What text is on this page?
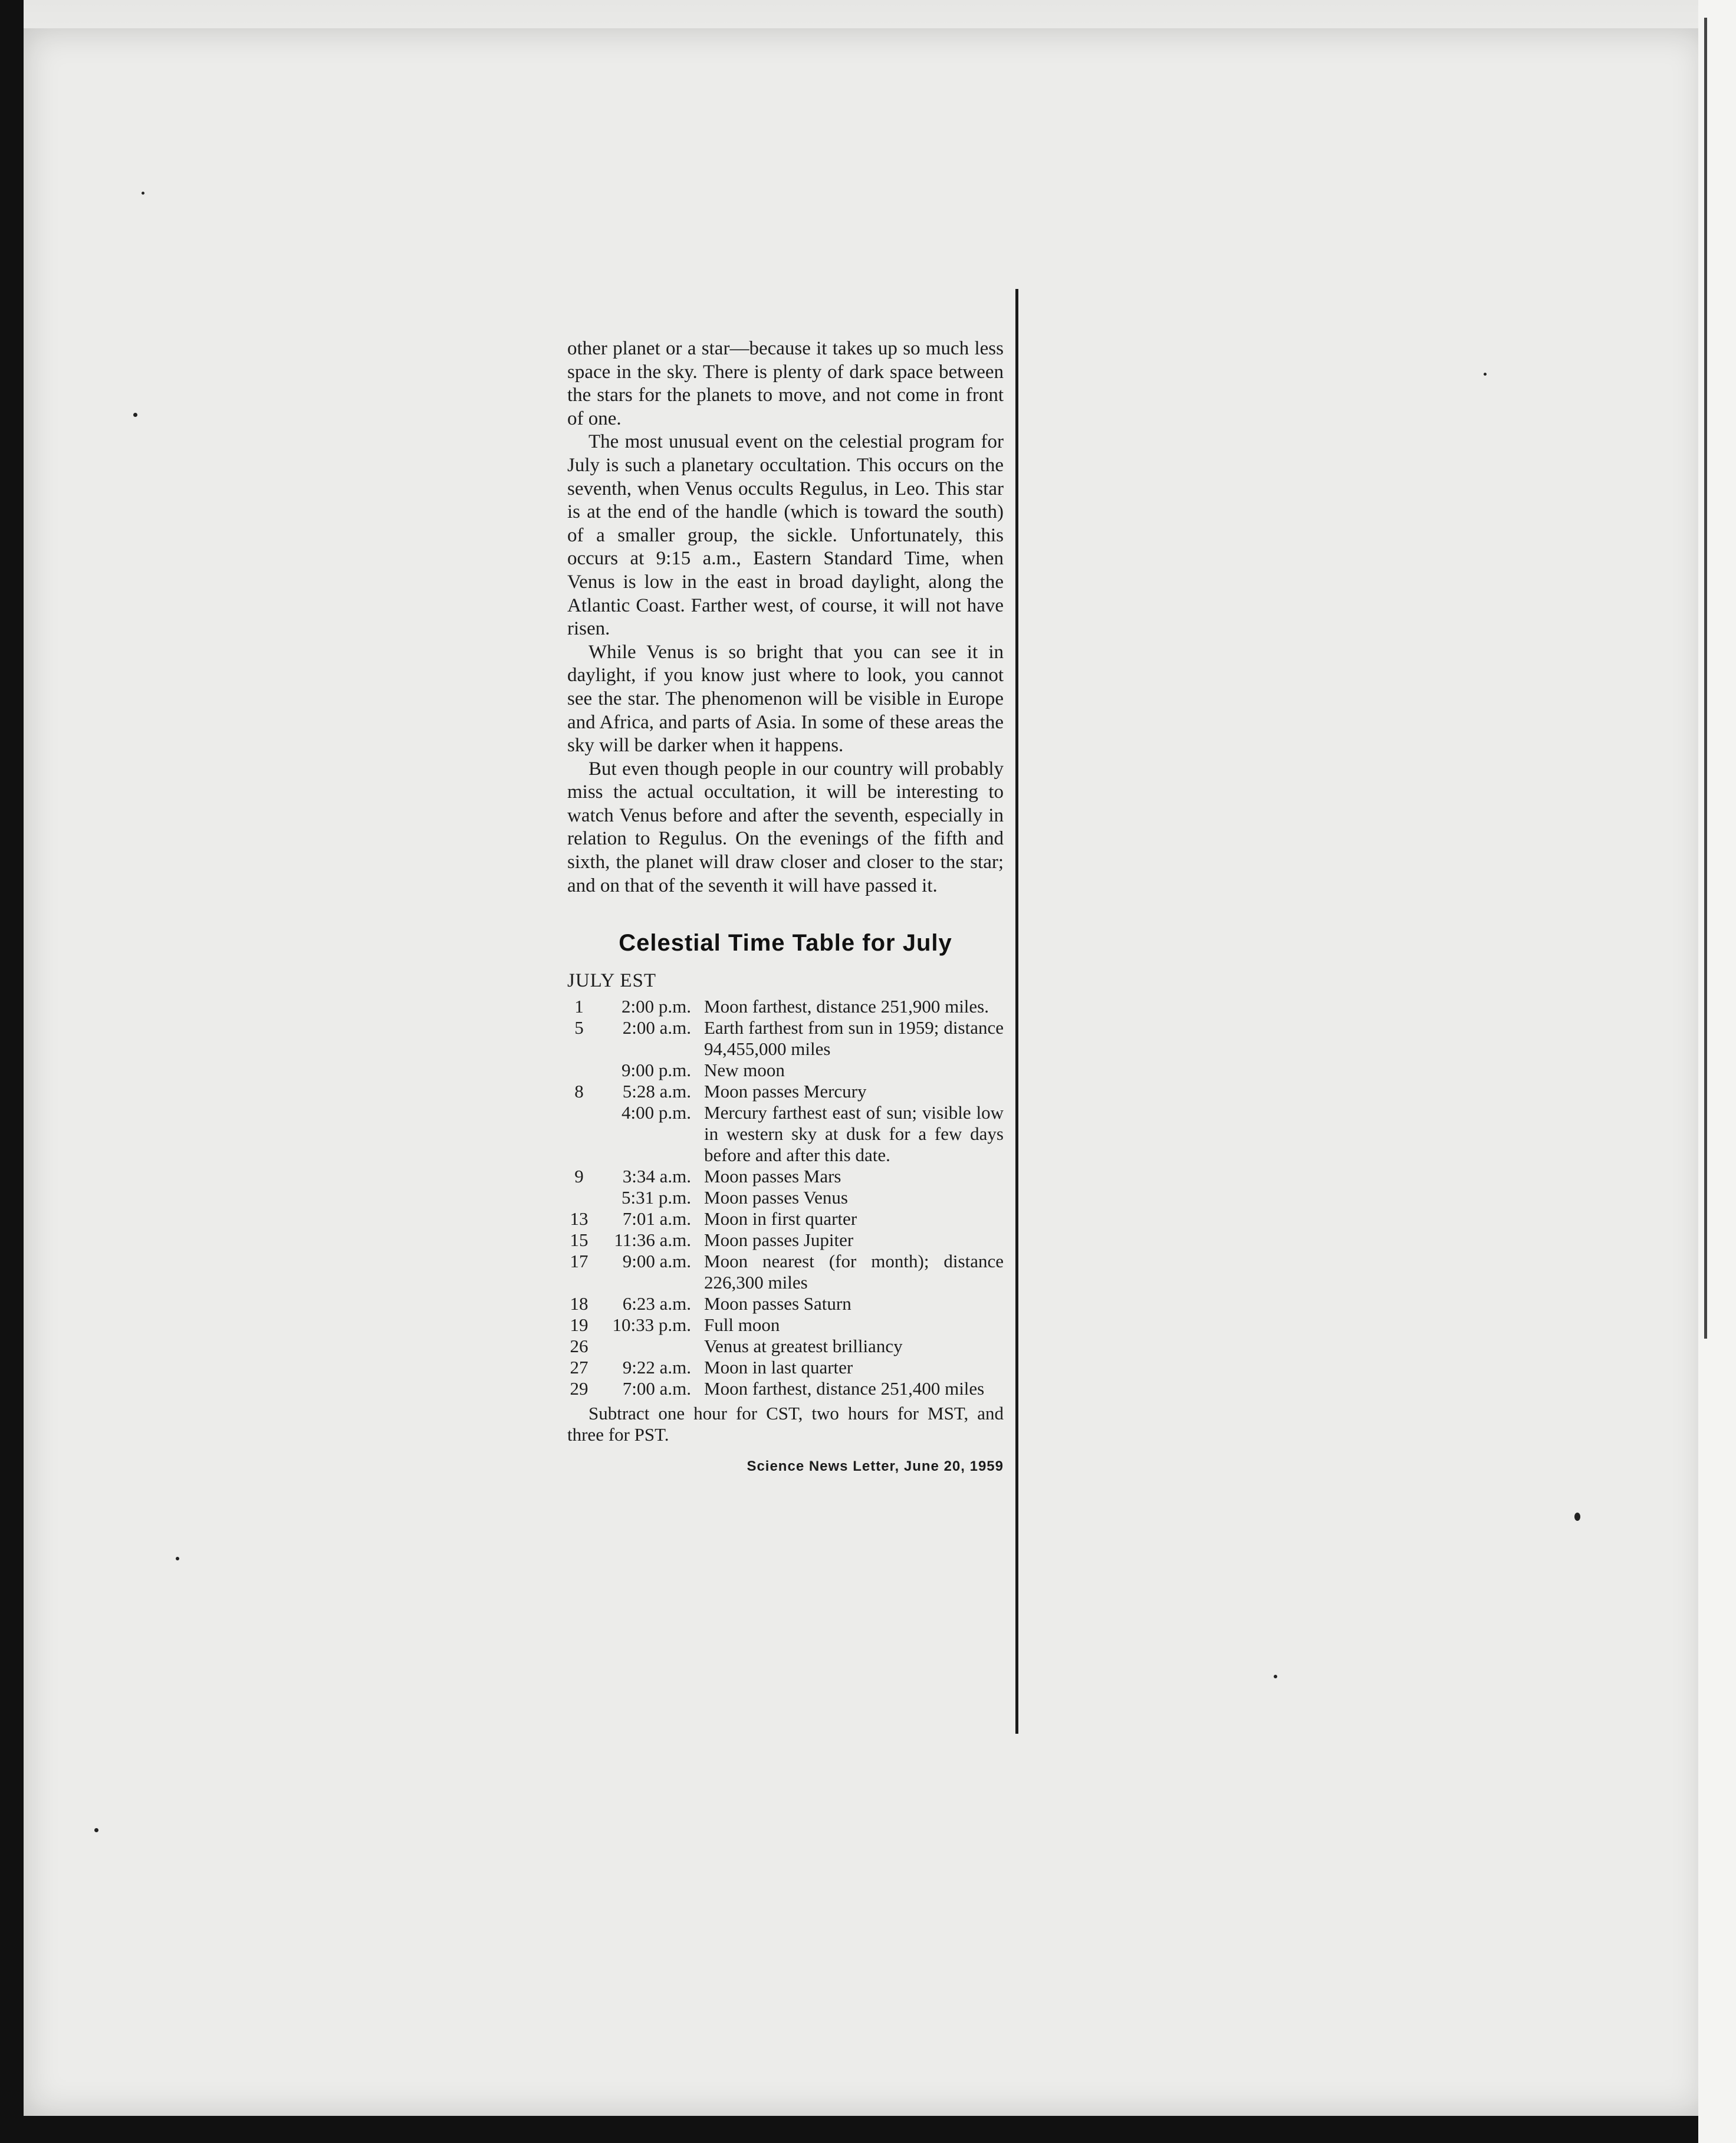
other planet or a star—because it takes up so much less space in the sky. There is plenty of dark space between the stars for the planets to move, and not come in front of one.

The most unusual event on the celestial program for July is such a planetary occultation. This occurs on the seventh, when Venus occults Regulus, in Leo. This star is at the end of the handle (which is toward the south) of a smaller group, the sickle. Unfortunately, this occurs at 9:15 a.m., Eastern Standard Time, when Venus is low in the east in broad daylight, along the Atlantic Coast. Farther west, of course, it will not have risen.

While Venus is so bright that you can see it in daylight, if you know just where to look, you cannot see the star. The phenomenon will be visible in Europe and Africa, and parts of Asia. In some of these areas the sky will be darker when it happens.

But even though people in our country will probably miss the actual occultation, it will be interesting to watch Venus before and after the seventh, especially in relation to Regulus. On the evenings of the fifth and sixth, the planet will draw closer and closer to the star; and on that of the seventh it will have passed it.

Celestial Time Table for July
JULY EST
1	2:00 p.m. Moon farthest, distance 251,900 miles.
5	2:00 a.m. Earth farthest from sun in 1959; distance 94,455,000 miles
9:00 p.m. New moon
8	5:28 a.m. Moon passes Mercury
4:00 p.m. Mercury farthest east of sun; visible low in western sky at dusk for a few days before and after this date.
9	3:34 a.m. Moon passes Mars
5:31 p.m. Moon passes Venus
13	7:01 a.m. Moon in first quarter
15	11:36 a.m. Moon passes Jupiter
17	9:00 a.m. Moon nearest (for month); distance 226,300 miles
18	6:23 a.m. Moon passes Saturn
19	10:33 p.m. Full moon
26	Venus at greatest brilliancy
27	9:22 a.m. Moon in last quarter
29	7:00 a.m. Moon farthest, distance 251,400 miles

Subtract one hour for CST, two hours for MST, and three for PST.

Science News Letter, June 20, 1959
